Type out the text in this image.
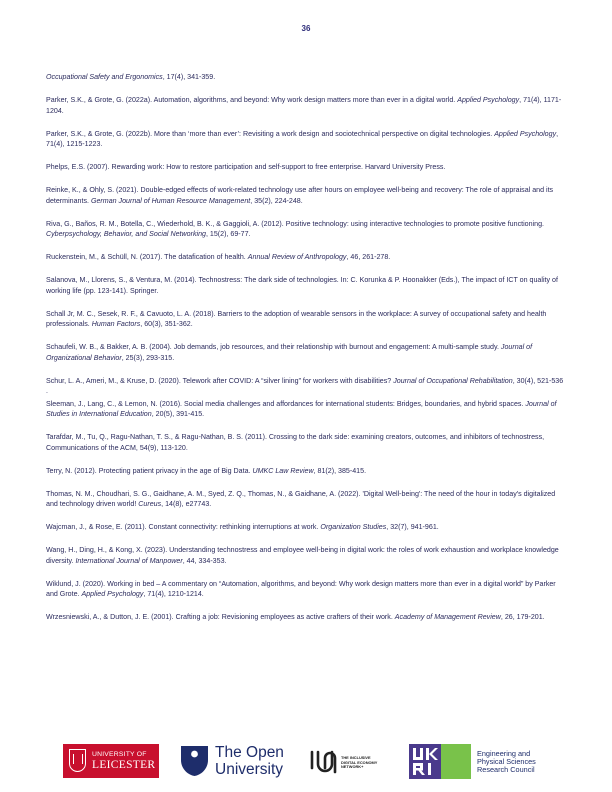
36

Occupational Safety and Ergonomics, 17(4), 341-359.

Parker, S.K., & Grote, G. (2022a). Automation, algorithms, and beyond: Why work design matters more than ever in a digital world. Applied Psychology, 71(4), 1171-1204.

Parker, S.K., & Grote, G. (2022b). More than ‘more than ever’: Revisiting a work design and sociotechnical perspective on digital technologies. Applied Psychology, 71(4), 1215-1223.

Phelps, E.S. (2007). Rewarding work: How to restore participation and self-support to free enterprise. Harvard University Press.

Reinke, K., & Ohly, S. (2021). Double-edged effects of work-related technology use after hours on employee well-being and recovery: The role of appraisal and its determinants. German Journal of Human Resource Management, 35(2), 224-248.

Riva, G., Baños, R. M., Botella, C., Wiederhold, B. K., & Gaggioli, A. (2012). Positive technology: using interactive technologies to promote positive functioning. Cyberpsychology, Behavior, and Social Networking, 15(2), 69-77.

Ruckenstein, M., & Schüll, N. (2017). The datafication of health. Annual Review of Anthropology, 46, 261-278.

Salanova, M., Llorens, S., & Ventura, M. (2014). Technostress: The dark side of technologies. In: C. Korunka & P. Hoonakker (Eds.), The impact of ICT on quality of working life (pp. 123-141). Springer.

Schall Jr, M. C., Sesek, R. F., & Cavuoto, L. A. (2018). Barriers to the adoption of wearable sensors in the workplace: A survey of occupational safety and health professionals. Human Factors, 60(3), 351-362.

Schaufeli, W. B., & Bakker, A. B. (2004). Job demands, job resources, and their relationship with burnout and engagement: A multi-sample study. Journal of Organizational Behavior, 25(3), 293-315.

Schur, L. A., Ameri, M., & Kruse, D. (2020). Telework after COVID: A “silver lining” for workers with disabilities? Journal of Occupational Rehabilitation, 30(4), 521-536

.

Sleeman, J., Lang, C., & Lemon, N. (2016). Social media challenges and affordances for international students: Bridges, boundaries, and hybrid spaces. Journal of Studies in International Education, 20(5), 391-415.

Tarafdar, M., Tu, Q., Ragu-Nathan, T. S., & Ragu-Nathan, B. S. (2011). Crossing to the dark side: examining creators, outcomes, and inhibitors of technostress, Communications of the ACM, 54(9), 113-120.

Terry, N. (2012). Protecting patient privacy in the age of Big Data. UMKC Law Review, 81(2), 385-415.

Thomas, N. M., Choudhari, S. G., Gaidhane, A. M., Syed, Z. Q., Thomas, N., & Gaidhane, A. (2022). 'Digital Well-being': The need of the hour in today's digitalized and technology driven world! Cureus, 14(8), e27743.

Wajcman, J., & Rose, E. (2011). Constant connectivity: rethinking interruptions at work. Organization Studies, 32(7), 941-961.

Wang, H., Ding, H., & Kong, X. (2023). Understanding technostress and employee well-being in digital work: the roles of work exhaustion and workplace knowledge diversity. International Journal of Manpower, 44, 334-353.

Wiklund, J. (2020). Working in bed – A commentary on “Automation, algorithms, and beyond: Why work design matters more than ever in a digital world” by Parker and Grote. Applied Psychology, 71(4), 1210-1214.

Wrzesniewski, A., & Dutton, J. E. (2001). Crafting a job: Revisioning employees as active crafters of their work. Academy of Management Review, 26, 179-201.

UNIVERSITY OF
LEICESTER
The Open
University
THE INCLUSIVE
DIGITAL ECONOMY
NETWORK+
Engineering and
Physical Sciences
Research Council
